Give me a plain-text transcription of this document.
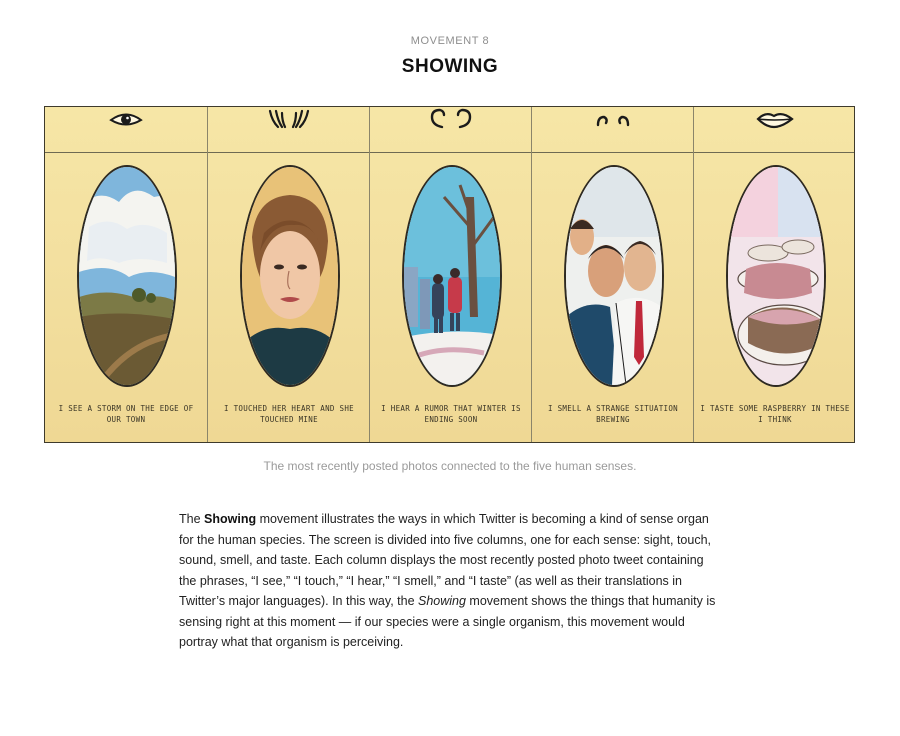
MOVEMENT 8
SHOWING
I SEE A STORM ON THE EDGE OF OUR TOWN
I TOUCHED HER HEART AND SHE TOUCHED MINE
I HEAR A RUMOR THAT WINTER IS ENDING SOON
I SMELL A STRANGE SITUATION BREWING
I TASTE SOME RASPBERRY IN THESE I THINK
The most recently posted photos connected to the five human senses.
The Showing movement illustrates the ways in which Twitter is becoming a kind of sense organ for the human species. The screen is divided into five columns, one for each sense: sight, touch, sound, smell, and taste. Each column displays the most recently posted photo tweet containing the phrases, “I see,” “I touch,” “I hear,” “I smell,” and “I taste” (as well as their translations in Twitter’s major languages). In this way, the Showing movement shows the things that humanity is sensing right at this moment — if our species were a single organism, this movement would portray what that organism is perceiving.
